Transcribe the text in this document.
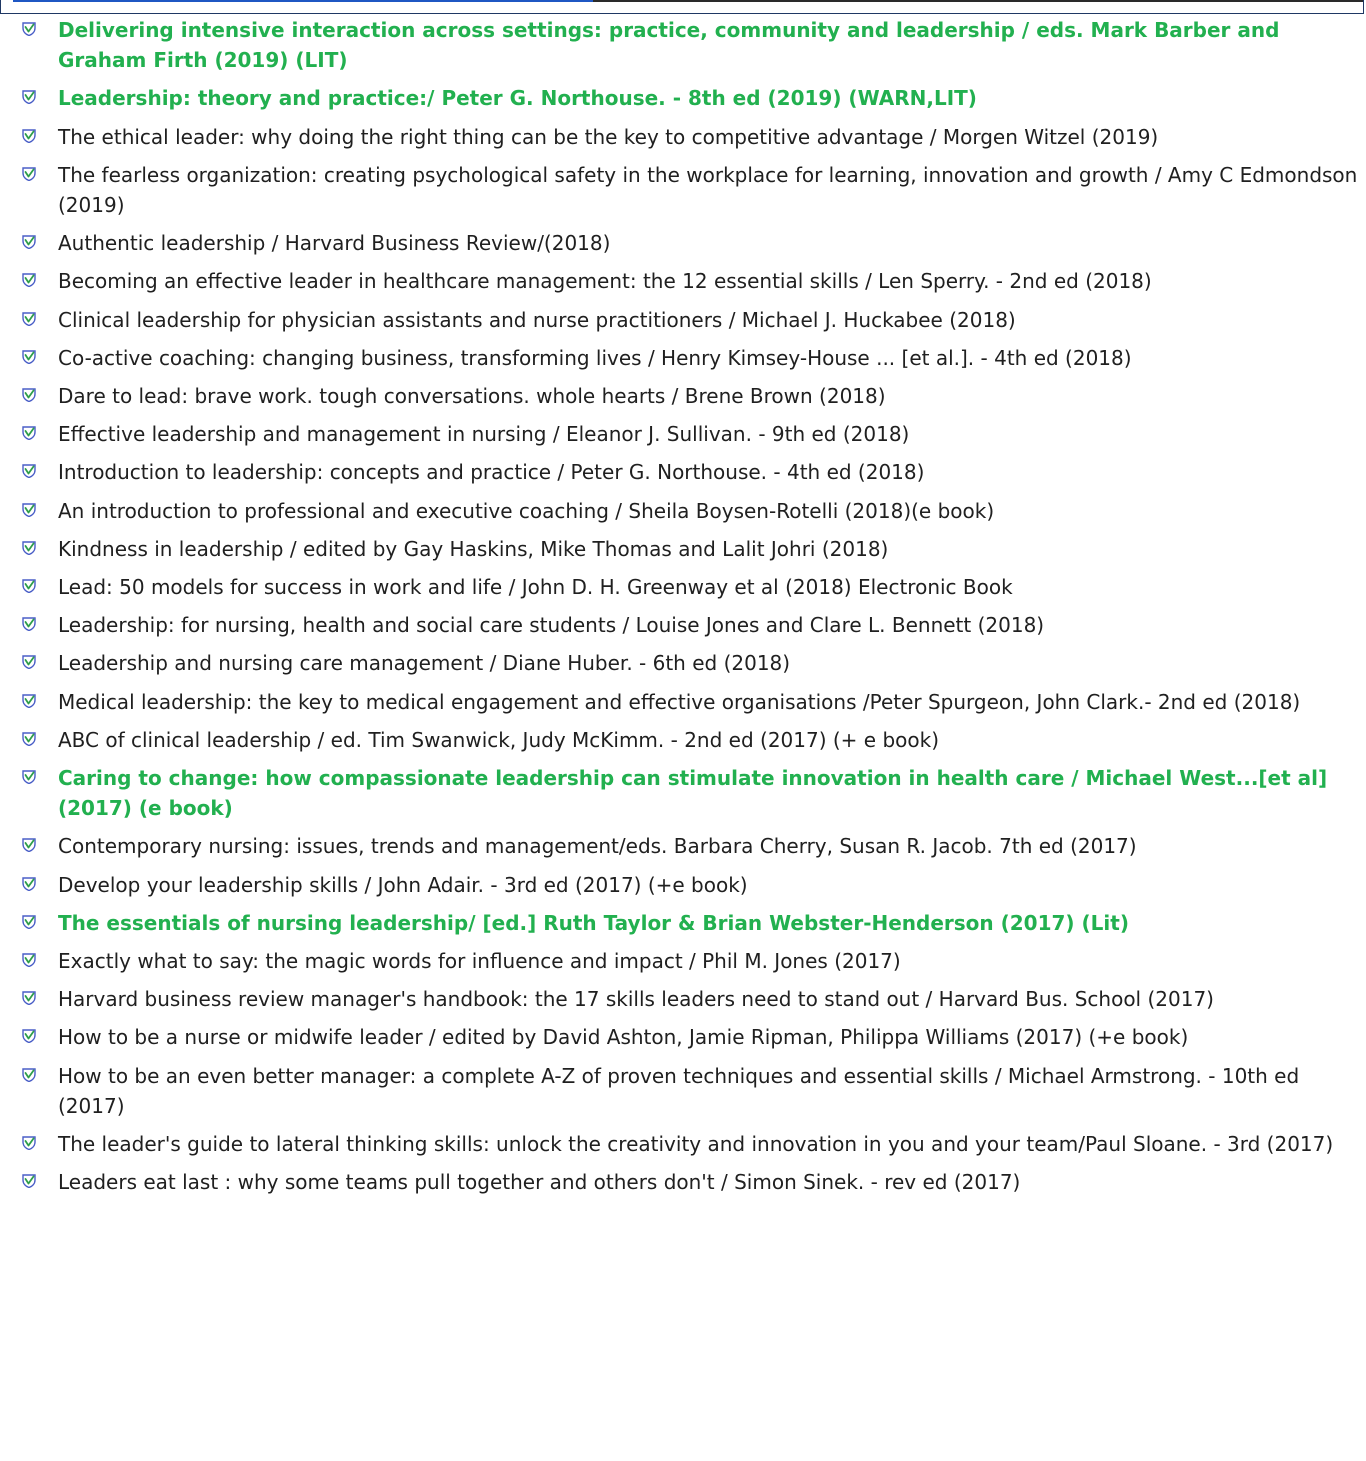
Delivering intensive interaction across settings: practice, community and leadership / eds. Mark Barber and Graham Firth (2019) (LIT)
Leadership: theory and practice:/ Peter G. Northouse. - 8th ed (2019) (WARN,LIT)
The ethical leader: why doing the right thing can be the key to competitive advantage / Morgen Witzel (2019)
The fearless organization: creating psychological safety in the workplace for learning, innovation and growth / Amy C Edmondson (2019)
Authentic leadership / Harvard Business Review/(2018)
Becoming an effective leader in healthcare management: the 12 essential skills / Len Sperry. - 2nd ed (2018)
Clinical leadership for physician assistants and nurse practitioners / Michael J. Huckabee (2018)
Co-active coaching: changing business, transforming lives / Henry Kimsey-House ... [et al.]. - 4th ed (2018)
Dare to lead: brave work. tough conversations. whole hearts / Brene Brown (2018)
Effective leadership and management in nursing / Eleanor J. Sullivan. - 9th ed (2018)
Introduction to leadership: concepts and practice / Peter G. Northouse. - 4th ed (2018)
An introduction to professional and executive coaching / Sheila Boysen-Rotelli (2018)(e book)
Kindness in leadership / edited by Gay Haskins, Mike Thomas and Lalit Johri (2018)
Lead: 50 models for success in work and life / John D. H. Greenway et al (2018) Electronic Book
Leadership: for nursing, health and social care students / Louise Jones and Clare L. Bennett (2018)
Leadership and nursing care management / Diane Huber. - 6th ed (2018)
Medical leadership: the key to medical engagement and effective organisations /Peter Spurgeon, John Clark.- 2nd ed (2018)
ABC of clinical leadership / ed. Tim Swanwick, Judy McKimm. - 2nd ed (2017) (+ e book)
Caring to change: how compassionate leadership can stimulate innovation in health care / Michael West...[et al] (2017) (e book)
Contemporary nursing: issues, trends and management/eds. Barbara Cherry, Susan R. Jacob. 7th ed (2017)
Develop your leadership skills / John Adair. - 3rd ed (2017) (+e book)
The essentials of nursing leadership/ [ed.] Ruth Taylor & Brian Webster-Henderson (2017) (Lit)
Exactly what to say: the magic words for influence and impact / Phil M. Jones (2017)
Harvard business review manager's handbook: the 17 skills leaders need to stand out / Harvard Bus. School (2017)
How to be a nurse or midwife leader / edited by David Ashton, Jamie Ripman, Philippa Williams (2017) (+e book)
How to be an even better manager: a complete A-Z of proven techniques and essential skills / Michael Armstrong. - 10th ed (2017)
The leader's guide to lateral thinking skills: unlock the creativity and innovation in you and your team/Paul Sloane. - 3rd (2017)
Leaders eat last : why some teams pull together and others don't / Simon Sinek. - rev ed (2017)
